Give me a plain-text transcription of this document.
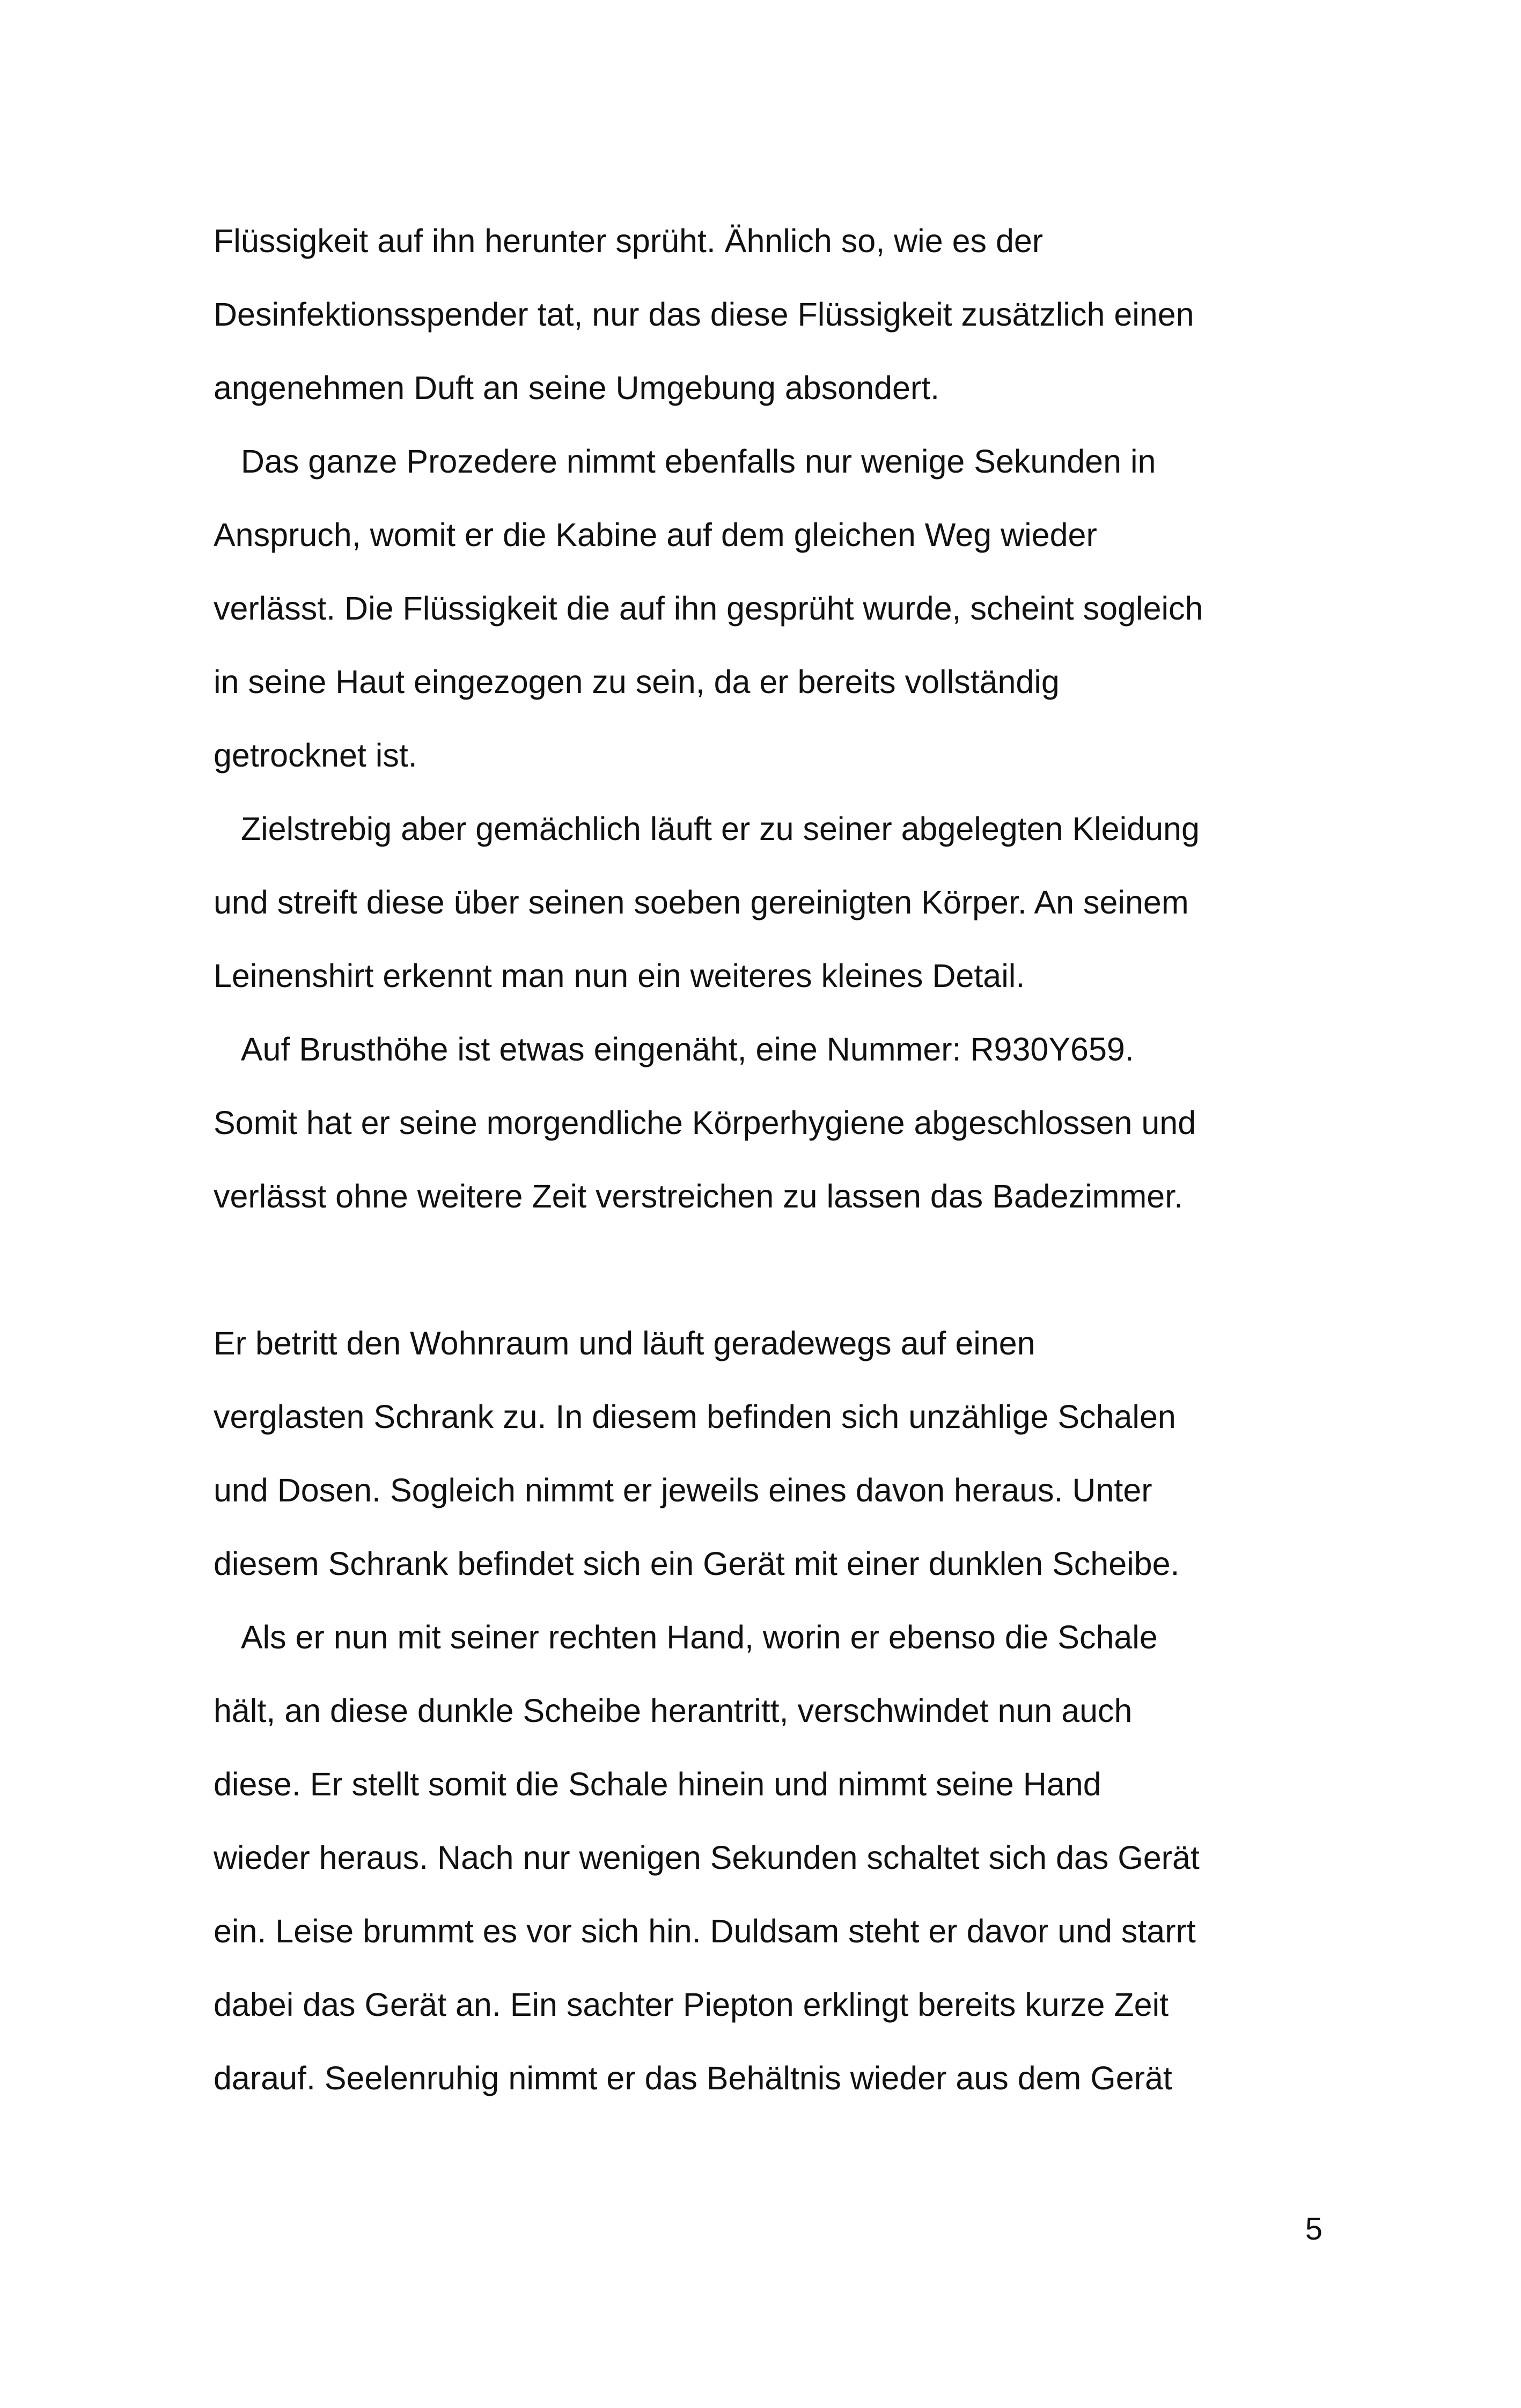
Flüssigkeit auf ihn herunter sprüht. Ähnlich so, wie es der
Desinfektionsspender tat, nur das diese Flüssigkeit zusätzlich einen
angenehmen Duft an seine Umgebung absondert.
Das ganze Prozedere nimmt ebenfalls nur wenige Sekunden in
Anspruch, womit er die Kabine auf dem gleichen Weg wieder
verlässt. Die Flüssigkeit die auf ihn gesprüht wurde, scheint sogleich
in seine Haut eingezogen zu sein, da er bereits vollständig
getrocknet ist.
Zielstrebig aber gemächlich läuft er zu seiner abgelegten Kleidung
und streift diese über seinen soeben gereinigten Körper. An seinem
Leinenshirt erkennt man nun ein weiteres kleines Detail.
Auf Brusthöhe ist etwas eingenäht, eine Nummer: R930Y659.
Somit hat er seine morgendliche Körperhygiene abgeschlossen und
verlässt ohne weitere Zeit verstreichen zu lassen das Badezimmer.
Er betritt den Wohnraum und läuft geradewegs auf einen
verglasten Schrank zu. In diesem befinden sich unzählige Schalen
und Dosen. Sogleich nimmt er jeweils eines davon heraus. Unter
diesem Schrank befindet sich ein Gerät mit einer dunklen Scheibe.
Als er nun mit seiner rechten Hand, worin er ebenso die Schale
hält, an diese dunkle Scheibe herantritt, verschwindet nun auch
diese. Er stellt somit die Schale hinein und nimmt seine Hand
wieder heraus. Nach nur wenigen Sekunden schaltet sich das Gerät
ein. Leise brummt es vor sich hin. Duldsam steht er davor und starrt
dabei das Gerät an. Ein sachter Piepton erklingt bereits kurze Zeit
darauf. Seelenruhig nimmt er das Behältnis wieder aus dem Gerät
5
